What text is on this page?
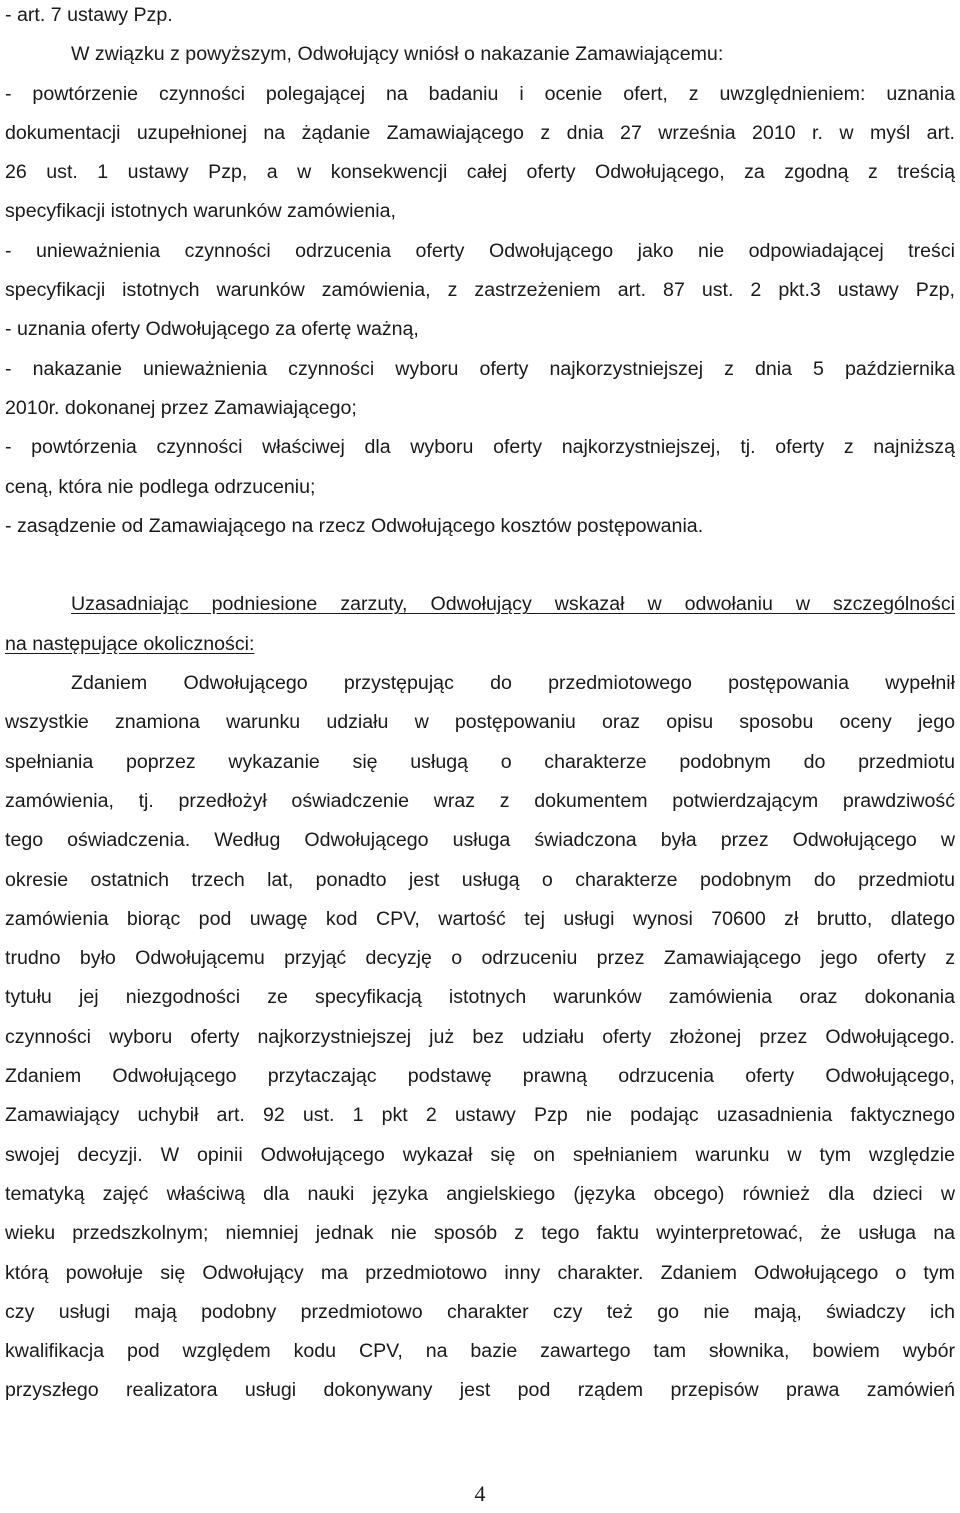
- art. 7 ustawy Pzp.
W związku z powyższym, Odwołujący wniósł o nakazanie Zamawiającemu:
- powtórzenie czynności polegającej na badaniu i ocenie ofert, z uwzględnieniem: uznania
dokumentacji uzupełnionej na żądanie Zamawiającego z dnia 27 września 2010 r. w myśl art.
26 ust. 1 ustawy Pzp, a w konsekwencji całej oferty Odwołującego, za zgodną z treścią
specyfikacji istotnych warunków zamówienia,
- unieważnienia czynności odrzucenia oferty Odwołującego jako nie odpowiadającej treści
specyfikacji istotnych warunków zamówienia, z zastrzeżeniem art. 87 ust. 2 pkt.3 ustawy Pzp,
- uznania oferty Odwołującego za ofertę ważną,
- nakazanie unieważnienia czynności wyboru oferty najkorzystniejszej z dnia 5 października
2010r. dokonanej przez Zamawiającego;
- powtórzenia czynności właściwej dla wyboru oferty najkorzystniejszej, tj. oferty z najniższą
ceną, która nie podlega odrzuceniu;
- zasądzenie od Zamawiającego na rzecz Odwołującego kosztów postępowania.
Uzasadniając podniesione zarzuty, Odwołujący wskazał w odwołaniu w szczególności
na następujące okoliczności:
Zdaniem Odwołującego przystępując do przedmiotowego postępowania wypełnił
wszystkie znamiona warunku udziału w postępowaniu oraz opisu sposobu oceny jego
spełniania poprzez wykazanie się usługą o charakterze podobnym do przedmiotu
zamówienia, tj. przedłożył oświadczenie wraz z dokumentem potwierdzającym prawdziwość
tego oświadczenia. Według Odwołującego usługa świadczona była przez Odwołującego w
okresie ostatnich trzech lat, ponadto jest usługą o charakterze podobnym do przedmiotu
zamówienia biorąc pod uwagę kod CPV, wartość tej usługi wynosi 70600 zł brutto, dlatego
trudno było Odwołującemu przyjąć decyzję o odrzuceniu przez Zamawiającego jego oferty z
tytułu jej niezgodności ze specyfikacją istotnych warunków zamówienia oraz dokonania
czynności wyboru oferty najkorzystniejszej już bez udziału oferty złożonej przez Odwołującego.
Zdaniem Odwołującego przytaczając podstawę prawną odrzucenia oferty Odwołującego,
Zamawiający uchybił art. 92 ust. 1 pkt 2 ustawy Pzp nie podając uzasadnienia faktycznego
swojej decyzji. W opinii Odwołującego wykazał się on spełnianiem warunku w tym względzie
tematyką zajęć właściwą dla nauki języka angielskiego (języka obcego) również dla dzieci w
wieku przedszkolnym; niemniej jednak nie sposób z tego faktu wyinterpretować, że usługa na
którą powołuje się Odwołujący ma przedmiotowo inny charakter. Zdaniem Odwołującego o tym
czy usługi mają podobny przedmiotowo charakter czy też go nie mają, świadczy ich
kwalifikacja pod względem kodu CPV, na bazie zawartego tam słownika, bowiem wybór
przyszłego realizatora usługi dokonywany jest pod rządem przepisów prawa zamówień
4
